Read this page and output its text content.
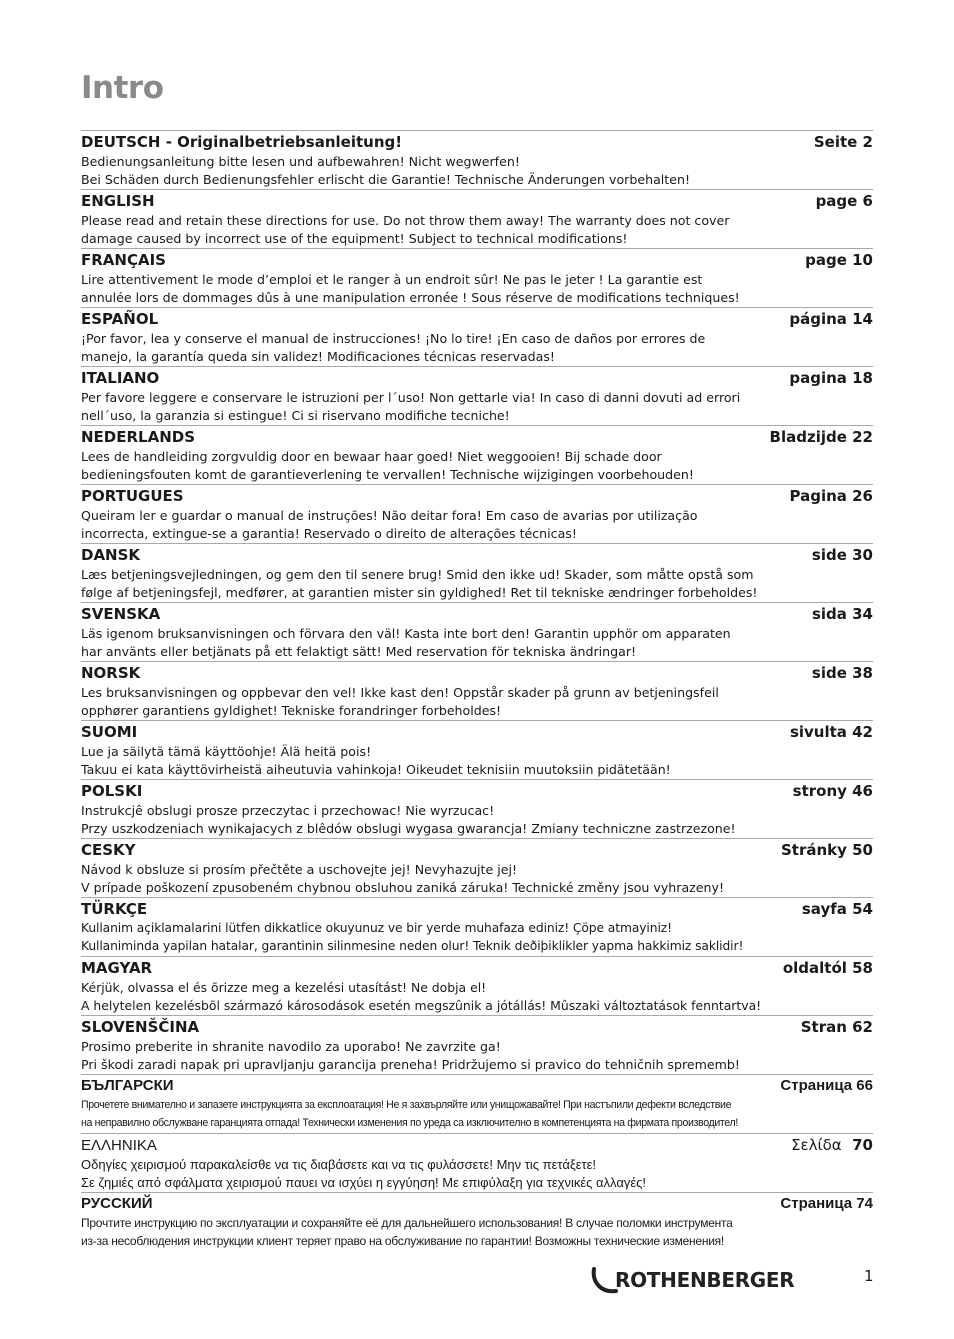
Intro
DEUTSCH - Originalbetriebsanleitung!	Seite 2
Bedienungsanleitung bitte lesen und aufbewahren! Nicht wegwerfen!
Bei Schäden durch Bedienungsfehler erlischt die Garantie! Technische Änderungen vorbehalten!
ENGLISH	page 6
Please read and retain these directions for use. Do not throw them away! The warranty does not cover
damage caused by incorrect use of the equipment! Subject to technical modifications!
FRANÇAIS	page 10
Lire attentivement le mode d’emploi et le ranger à un endroit sûr! Ne pas le jeter ! La garantie est
annulée lors de dommages dûs à une manipulation erronée ! Sous réserve de modifications techniques!
ESPAÑOL	página 14
¡Por favor, lea y conserve el manual de instrucciones! ¡No lo tire! ¡En caso de daños por errores de
manejo, la garantía queda sin validez! Modificaciones técnicas reservadas!
ITALIANO	pagina 18
Per favore leggere e conservare le istruzioni per l´uso! Non gettarle via! In caso di danni dovuti ad errori
nell´uso, la garanzia si estingue! Ci si riservano modifiche tecniche!
NEDERLANDS	Bladzijde 22
Lees de handleiding zorgvuldig door en bewaar haar goed! Niet weggooien! Bij schade door
bedieningsfouten komt de garantieverlening te vervallen! Technische wijzigingen voorbehouden!
PORTUGUES	Pagina 26
Queiram ler e guardar o manual de instruções! Não deitar fora! Em caso de avarias por utilização
incorrecta, extingue-se a garantia! Reservado o direito de alterações técnicas!
DANSK	side 30
Læs betjeningsvejledningen, og gem den til senere brug! Smid den ikke ud! Skader, som måtte opstå som
følge af betjeningsfejl, medfører, at garantien mister sin gyldighed! Ret til tekniske ændringer forbeholdes!
SVENSKA	sida 34
Läs igenom bruksanvisningen och förvara den väl! Kasta inte bort den! Garantin upphör om apparaten
har använts eller betjänats på ett felaktigt sätt! Med reservation för tekniska ändringar!
NORSK	side 38
Les bruksanvisningen og oppbevar den vel! Ikke kast den! Oppstår skader på grunn av betjeningsfeil
opphører garantiens gyldighet! Tekniske forandringer forbeholdes!
SUOMI	sivulta 42
Lue ja säilytä tämä käyttöohje! Älä heitä pois!
Takuu ei kata käyttövirheistä aiheutuvia vahinkoja! Oikeudet teknisiin muutoksiin pidätetään!
POLSKI	strony 46
Instrukcjê obslugi prosze przeczytac i przechowac! Nie wyrzucac!
Przy uszkodzeniach wynikajacych z blêdów obslugi wygasa gwarancja! Zmiany techniczne zastrzezone!
CESKY	Stránky 50
Návod k obsluze si prosím přečtěte a uschovejte jej! Nevyhazujte jej!
V prípade poškození zpusobeném chybnou obsluhou zaniká záruka! Technické změny jsou vyhrazeny!
TÜRKÇE	sayfa 54
Kullanim açiklamalarini lütfen dikkatlice okuyunuz ve bir yerde muhafaza ediniz! Çöpe atmayiniz!
Kullaniminda yapilan hatalar, garantinin silinmesine neden olur! Teknik deðiþiklikler yapma hakkimiz saklidir!
MAGYAR	oldaltól 58
Kérjük, olvassa el és õrizze meg a kezelési utasítást! Ne dobja el!
A helytelen kezelésbõl származó károsodások esetén megszûnik a jótállás! Mûszaki változtatások fenntartva!
SLOVENŠČINA	Stran 62
Prosimo preberite in shranite navodilo za uporabo! Ne zavrzite ga!
Pri škodi zaradi napak pri upravljanju garancija preneha! Pridržujemo si pravico do tehničnih sprememb!
БЪЛГАРСКИ	Страница 66
Прочетете внимателно и запазете инструкцията за експлоатация! Не я захвърляйте или унищожавайте! При настъпили дефекти вследствие
на неправилно обслужване гаранцията отпада! Технически изменения по уреда са изключително в компетенцията на фирмата производител!
ΕΛΛΗΝΙΚΑ	Σελίδα 70
Οδηγίες χειρισμού παρακαλείσθε να τις διαβάσετε και να τις φυλάσσετε! Μην τις πετάξετε!
Σε ζημιές από σφάλματα χειρισμού παυει να ισχύει η εγγύηση! Με επιφύλαξη για τεχνικές αλλαγές!
РУССКИЙ	Страница 74
Прочтите инструкцию по эксплуатации и сохраняйте её для дальнейшего использования! В случае поломки инструмента
из-за несоблюдения инструкции клиент теряет право на обслуживание по гарантии! Возможны технические изменения!
ROTHENBERGER	1
